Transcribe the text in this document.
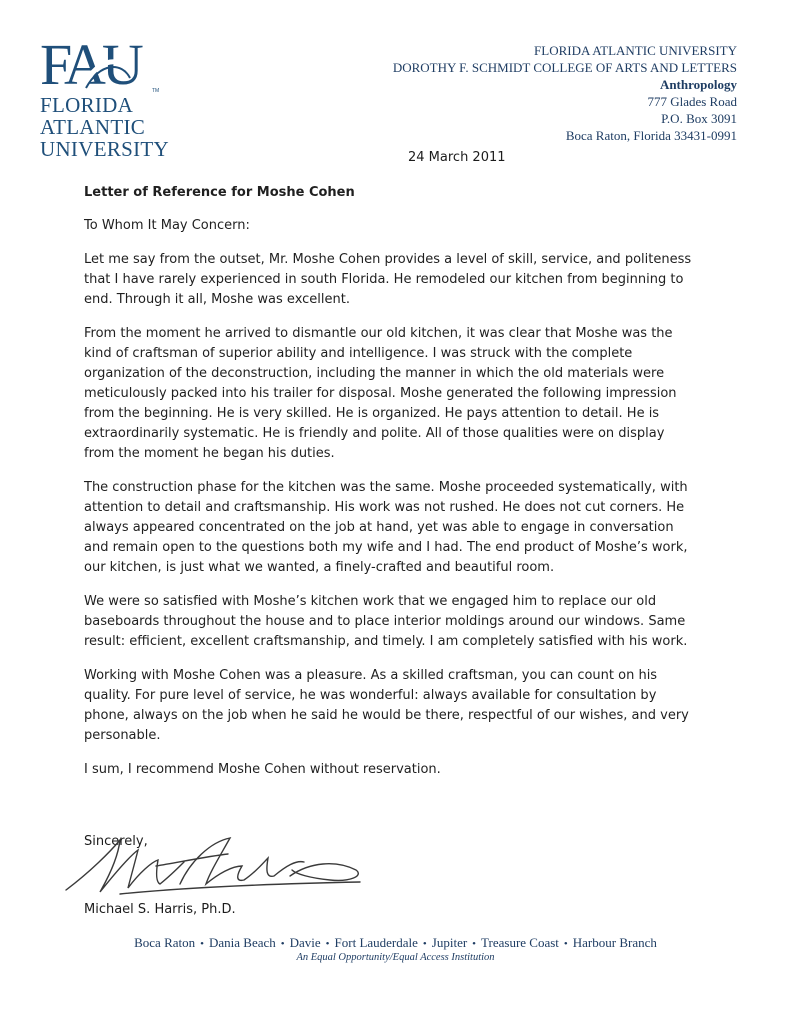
FAU	TM
FLORIDA
ATLANTIC
UNIVERSITY
FLORIDA ATLANTIC UNIVERSITY
DOROTHY F. SCHMIDT COLLEGE OF ARTS AND LETTERS
Anthropology
777 Glades Road
P.O. Box 3091
Boca Raton, Florida 33431-0991
24 March 2011

Letter of Reference for Moshe Cohen

To Whom It May Concern:

Let me say from the outset, Mr. Moshe Cohen provides a level of skill, service, and politeness that I have rarely experienced in south Florida. He remodeled our kitchen from beginning to end. Through it all, Moshe was excellent.

From the moment he arrived to dismantle our old kitchen, it was clear that Moshe was the kind of craftsman of superior ability and intelligence. I was struck with the complete organization of the deconstruction, including the manner in which the old materials were meticulously packed into his trailer for disposal. Moshe generated the following impression from the beginning. He is very skilled. He is organized. He pays attention to detail. He is extraordinarily systematic. He is friendly and polite. All of those qualities were on display from the moment he began his duties.

The construction phase for the kitchen was the same. Moshe proceeded systematically, with attention to detail and craftsmanship. His work was not rushed. He does not cut corners. He always appeared concentrated on the job at hand, yet was able to engage in conversation and remain open to the questions both my wife and I had. The end product of Moshe’s work, our kitchen, is just what we wanted, a finely-crafted and beautiful room.

We were so satisfied with Moshe’s kitchen work that we engaged him to replace our old baseboards throughout the house and to place interior moldings around our windows. Same result: efficient, excellent craftsmanship, and timely. I am completely satisfied with his work.

Working with Moshe Cohen was a pleasure. As a skilled craftsman, you can count on his quality. For pure level of service, he was wonderful: always available for consultation by phone, always on the job when he said he would be there, respectful of our wishes, and very personable.

I sum, I recommend Moshe Cohen without reservation.

Sincerely,
Michael S. Harris, Ph.D.
Boca Raton • Dania Beach • Davie • Fort Lauderdale • Jupiter • Treasure Coast • Harbour Branch
An Equal Opportunity/Equal Access Institution
